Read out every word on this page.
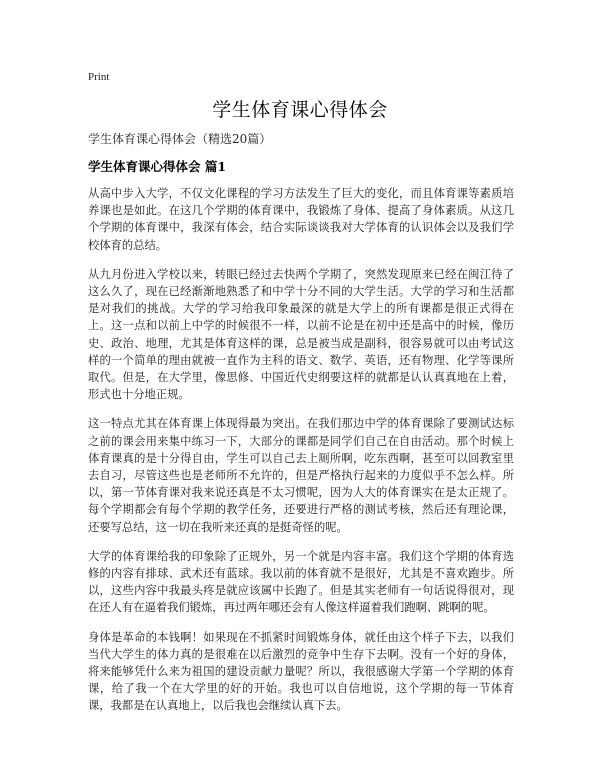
Print
学生体育课心得体会
学生体育课心得体会（精选20篇）
学生体育课心得体会 篇1

从高中步入大学，不仅文化课程的学习方法发生了巨大的变化，而且体育课等素质培养课也是如此。在这几个学期的体育课中，我锻炼了身体、提高了身体素质。从这几个学期的体育课中，我深有体会，结合实际谈谈我对大学体育的认识体会以及我们学校体育的总结。

从九月份进入学校以来，转眼已经过去快两个学期了，突然发现原来已经在闽江待了这么久了，现在已经渐渐地熟悉了和中学十分不同的大学生活。大学的学习和生活都是对我们的挑战。大学的学习给我印象最深的就是大学上的所有课都是很正式得在上。这一点和以前上中学的时候很不一样，以前不论是在初中还是高中的时候，像历史、政治、地理，尤其是体育这样的课，总是被当成是副科，很容易就可以由考试这样的一个简单的理由就被一直作为主科的语文、数学、英语，还有物理、化学等课所取代。但是，在大学里，像思修、中国近代史纲要这样的就都是认认真真地在上着，形式也十分地正规。

这一特点尤其在体育课上体现得最为突出。在我们那边中学的体育课除了要测试达标之前的课会用来集中练习一下，大部分的课都是同学们自己在自由活动。那个时候上体育课真的是十分得自由，学生可以自己去上厕所啊，吃东西啊，甚至可以回教室里去自习，尽管这些也是老师所不允许的，但是严格执行起来的力度似乎不怎么样。所以，第一节体育课对我来说还真是不太习惯呢，因为人大的体育课实在是太正规了。每个学期都会有每个学期的教学任务，还要进行严格的测试考核，然后还有理论课，还要写总结，这一切在我听来还真的是挺奇怪的呢。

大学的体育课给我的印象除了正规外，另一个就是内容丰富。我们这个学期的体育选修的内容有排球、武术还有蓝球。我以前的体育就不是很好，尤其是不喜欢跑步。所以，这些内容中我最头疼是就应该属中长跑了。但是其实老师有一句话说得很对，现在还人有在逼着我们锻炼，再过两年哪还会有人像这样逼着我们跑啊、跳啊的呢。

身体是革命的本钱啊！如果现在不抓紧时间锻炼身体，就任由这个样子下去，以我们当代大学生的体力真的是很难在以后激烈的竞争中生存下去啊。没有一个好的身体，将来能够凭什么来为祖国的建设贡献力量呢？所以，我很感谢大学第一个学期的体育课，给了我一个在大学里的好的开始。我也可以自信地说，这个学期的每一节体育课，我都是在认真地上，以后我也会继续认真下去。
